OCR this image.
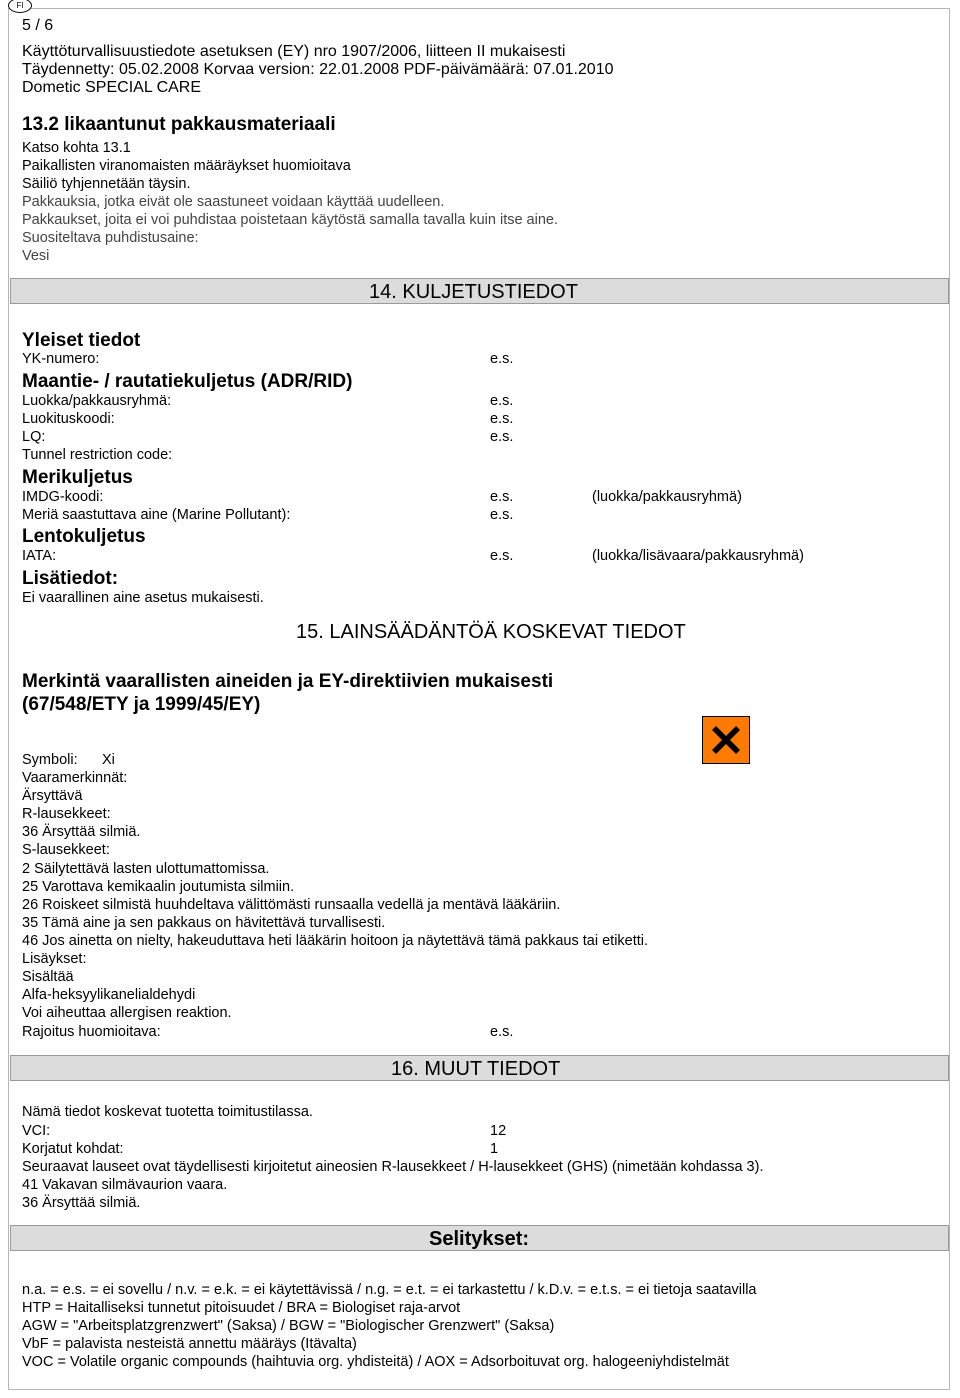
FI
5 / 6
Käyttöturvallisuustiedote asetuksen (EY) nro 1907/2006, liitteen II mukaisesti
Täydennetty: 05.02.2008 Korvaa version: 22.01.2008 PDF-päivämäärä: 07.01.2010
Dometic SPECIAL CARE
13.2 likaantunut pakkausmateriaali
Katso kohta 13.1
Paikallisten viranomaisten määräykset huomioitava
Säiliö tyhjennetään täysin.
Pakkauksia, jotka eivät ole saastuneet voidaan käyttää uudelleen.
Pakkaukset, joita ei voi puhdistaa poistetaan käytöstä samalla tavalla kuin itse aine.
Suositeltava puhdistusaine:
Vesi
14. KULJETUSTIEDOT
Yleiset tiedot
YK-numero:	e.s.
Maantie- / rautatiekuljetus (ADR/RID)
Luokka/pakkausryhmä:	e.s.
Luokituskoodi:	e.s.
LQ:	e.s.
Tunnel restriction code:
Merikuljetus
IMDG-koodi:	e.s.	(luokka/pakkausryhmä)
Meriä saastuttava aine (Marine Pollutant):	e.s.
Lentokuljetus
IATA:	e.s.	(luokka/lisävaara/pakkausryhmä)
Lisätiedot:
Ei vaarallinen aine asetus mukaisesti.
15. LAINSÄÄDÄNTÖÄ KOSKEVAT TIEDOT
Merkintä vaarallisten aineiden ja EY-direktiivien mukaisesti
(67/548/ETY ja 1999/45/EY)
Symboli: Xi
Vaaramerkinnät:
Ärsyttävä
R-lausekkeet:
36 Ärsyttää silmiä.
S-lausekkeet:
2 Säilytettävä lasten ulottumattomissa.
25 Varottava kemikaalin joutumista silmiin.
26 Roiskeet silmistä huuhdeltava välittömästi runsaalla vedellä ja mentävä lääkäriin.
35 Tämä aine ja sen pakkaus on hävitettävä turvallisesti.
46 Jos ainetta on nielty, hakeuduttava heti lääkärin hoitoon ja näytettävä tämä pakkaus tai etiketti.
Lisäykset:
Sisältää
Alfa-heksyylikanelialdehydi
Voi aiheuttaa allergisen reaktion.
Rajoitus huomioitava:	e.s.
16. MUUT TIEDOT
Nämä tiedot koskevat tuotetta toimitustilassa.
VCI:	12
Korjatut kohdat:	1
Seuraavat lauseet ovat täydellisesti kirjoitetut aineosien R-lausekkeet / H-lausekkeet (GHS) (nimetään kohdassa 3).
41 Vakavan silmävaurion vaara.
36 Ärsyttää silmiä.
Selitykset:
n.a. = e.s. = ei sovellu / n.v. = e.k. = ei käytettävissä / n.g. = e.t. = ei tarkastettu / k.D.v. = e.t.s. = ei tietoja saatavilla
HTP = Haitalliseksi tunnetut pitoisuudet / BRA = Biologiset raja-arvot
AGW = "Arbeitsplatzgrenzwert" (Saksa) / BGW = "Biologischer Grenzwert" (Saksa)
VbF = palavista nesteistä annettu määräys (Itävalta)
VOC = Volatile organic compounds (haihtuvia org. yhdisteitä) / AOX = Adsorboituvat org. halogeeniyhdistelmät
